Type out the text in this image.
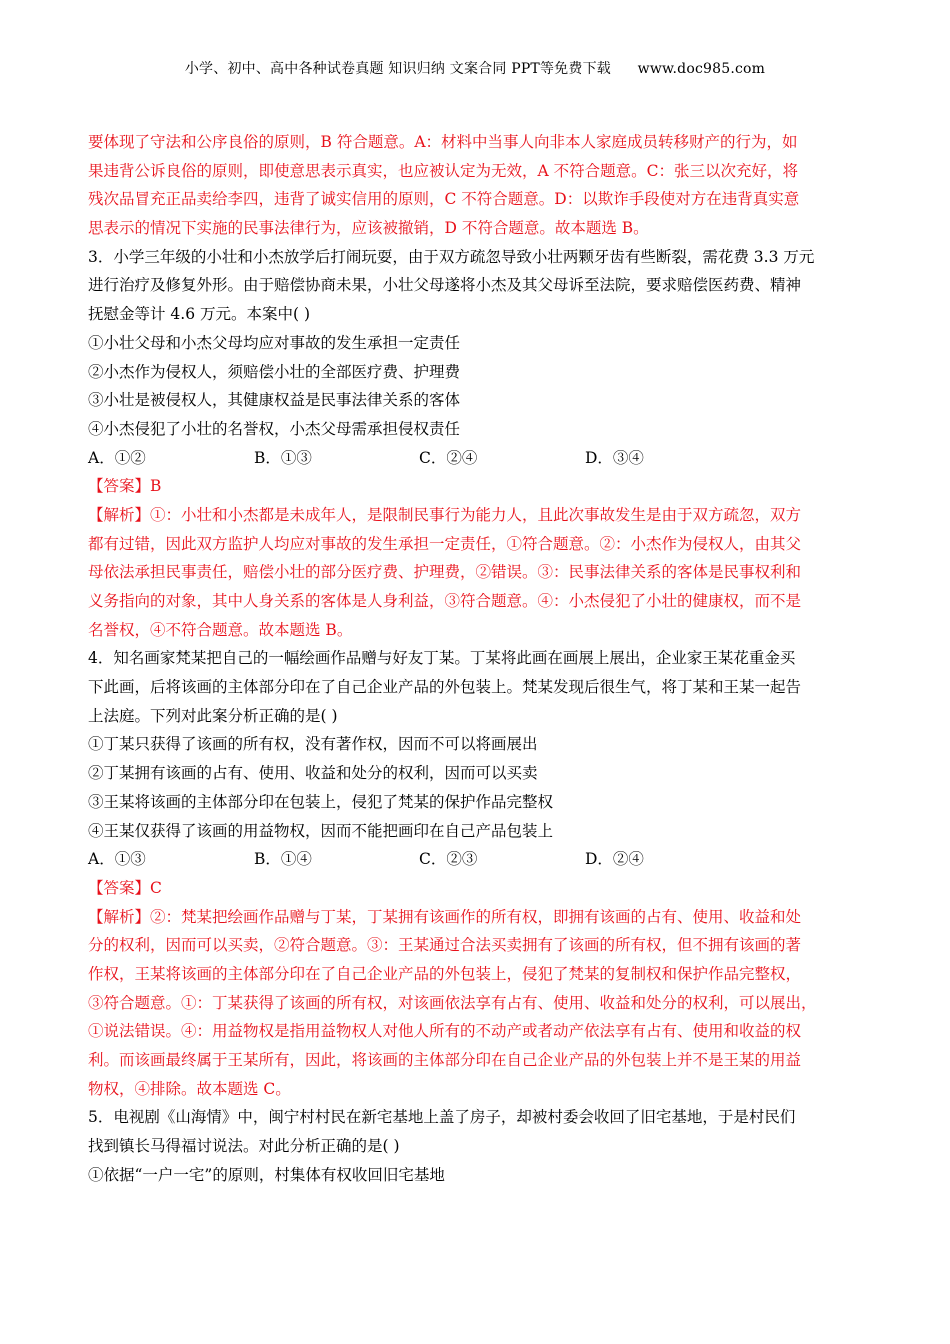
小学、初中、高中各种试卷真题 知识归纳 文案合同 PPT等免费下载 www.doc985.com
要体现了守法和公序良俗的原则，B 符合题意。A：材料中当事人向非本人家庭成员转移财产的行为，如
果违背公诉良俗的原则，即使意思表示真实，也应被认定为无效，A 不符合题意。C：张三以次充好，将
残次品冒充正品卖给李四，违背了诚实信用的原则，C 不符合题意。D：以欺诈手段使对方在违背真实意
思表示的情况下实施的民事法律行为，应该被撤销，D 不符合题意。故本题选 B。
3．小学三年级的小壮和小杰放学后打闹玩耍，由于双方疏忽导致小壮两颗牙齿有些断裂，需花费 3.3 万元
进行治疗及修复外形。由于赔偿协商未果，小壮父母遂将小杰及其父母诉至法院，要求赔偿医药费、精神
抚慰金等计 4.6 万元。本案中( )
①小壮父母和小杰父母均应对事故的发生承担一定责任
②小杰作为侵权人，须赔偿小壮的全部医疗费、护理费
③小壮是被侵权人，其健康权益是民事法律关系的客体
④小杰侵犯了小壮的名誉权，小杰父母需承担侵权责任
A．①②	B．①③	C．②④	D．③④
【答案】B
【解析】①：小壮和小杰都是未成年人，是限制民事行为能力人，且此次事故发生是由于双方疏忽，双方
都有过错，因此双方监护人均应对事故的发生承担一定责任，①符合题意。②：小杰作为侵权人，由其父
母依法承担民事责任，赔偿小壮的部分医疗费、护理费，②错误。③：民事法律关系的客体是民事权利和
义务指向的对象，其中人身关系的客体是人身利益，③符合题意。④：小杰侵犯了小壮的健康权，而不是
名誉权，④不符合题意。故本题选 B。
4．知名画家梵某把自己的一幅绘画作品赠与好友丁某。丁某将此画在画展上展出，企业家王某花重金买
下此画，后将该画的主体部分印在了自己企业产品的外包装上。梵某发现后很生气，将丁某和王某一起告
上法庭。下列对此案分析正确的是( )
①丁某只获得了该画的所有权，没有著作权，因而不可以将画展出
②丁某拥有该画的占有、使用、收益和处分的权利，因而可以买卖
③王某将该画的主体部分印在包装上，侵犯了梵某的保护作品完整权
④王某仅获得了该画的用益物权，因而不能把画印在自己产品包装上
A．①③	B．①④	C．②③	D．②④
【答案】C
【解析】②：梵某把绘画作品赠与丁某，丁某拥有该画作的所有权，即拥有该画的占有、使用、收益和处
分的权利，因而可以买卖，②符合题意。③：王某通过合法买卖拥有了该画的所有权，但不拥有该画的著
作权，王某将该画的主体部分印在了自己企业产品的外包装上，侵犯了梵某的复制权和保护作品完整权，
③符合题意。①：丁某获得了该画的所有权，对该画依法享有占有、使用、收益和处分的权利，可以展出，
①说法错误。④：用益物权是指用益物权人对他人所有的不动产或者动产依法享有占有、使用和收益的权
利。而该画最终属于王某所有，因此，将该画的主体部分印在自己企业产品的外包装上并不是王某的用益
物权，④排除。故本题选 C。
5．电视剧《山海情》中，闽宁村村民在新宅基地上盖了房子，却被村委会收回了旧宅基地，于是村民们
找到镇长马得福讨说法。对此分析正确的是( )
①依据“一户一宅”的原则，村集体有权收回旧宅基地
